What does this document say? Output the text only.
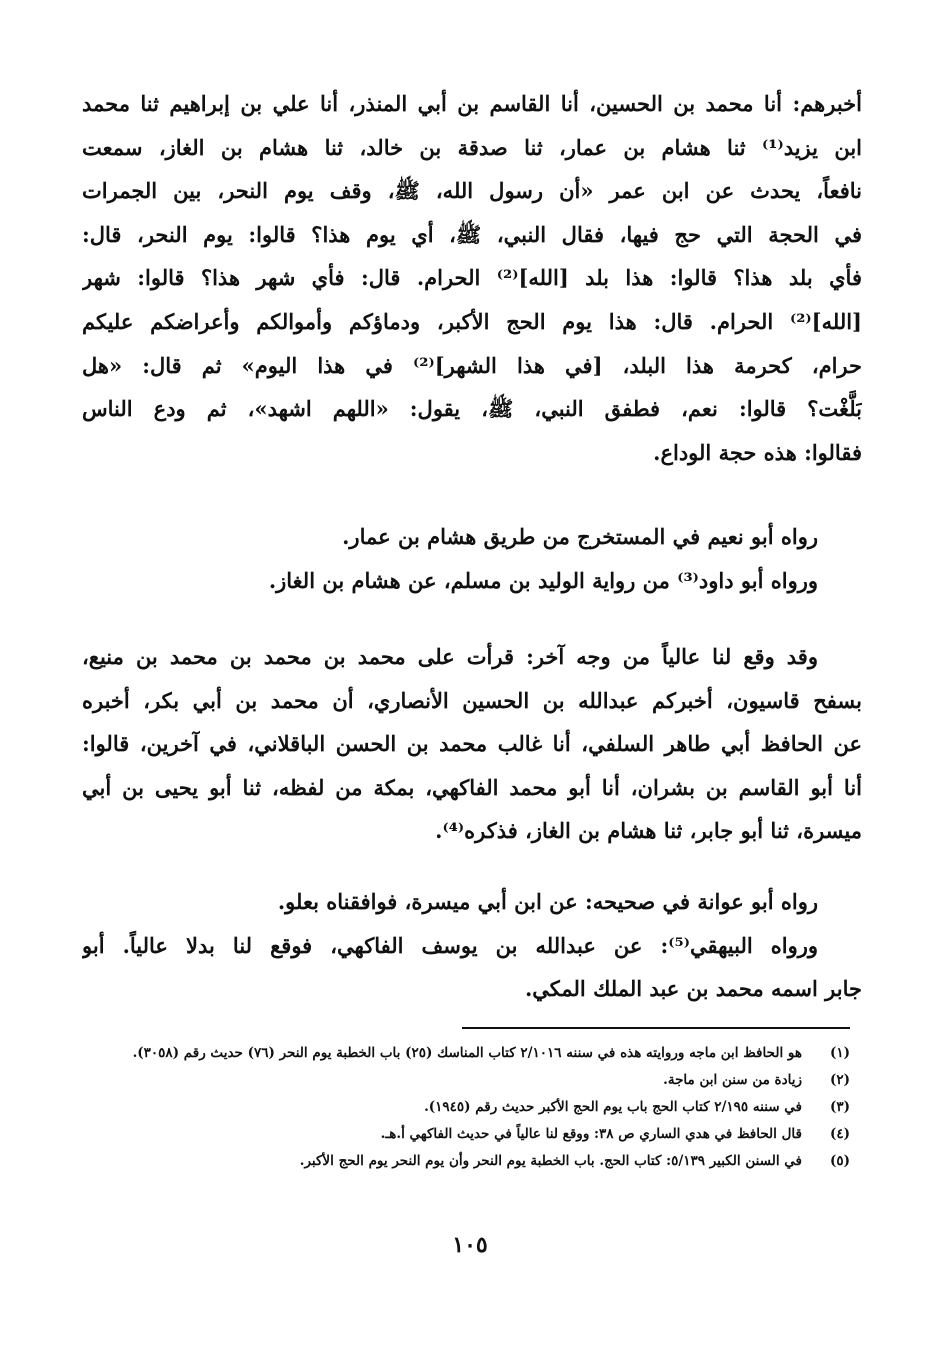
أخبرهم: أنا محمد بن الحسين، أنا القاسم بن أبي المنذر، أنا علي بن إبراهيم ثنا محمد
ابن يزيد⁽¹⁾ ثنا هشام بن عمار، ثنا صدقة بن خالد، ثنا هشام بن الغاز، سمعت
نافعاً، يحدث عن ابن عمر «أن رسول الله، ﷺ، وقف يوم النحر، بين الجمرات
في الحجة التي حج فيها، فقال النبي، ﷺ، أي يوم هذا؟ قالوا: يوم النحر، قال:
فأي بلد هذا؟ قالوا: هذا بلد [الله]⁽²⁾ الحرام. قال: فأي شهر هذا؟ قالوا: شهر
[الله]⁽²⁾ الحرام. قال: هذا يوم الحج الأكبر، ودماؤكم وأموالكم وأعراضكم عليكم
حرام، كحرمة هذا البلد، [في هذا الشهر]⁽²⁾ في هذا اليوم» ثم قال: «هل
بَلَّغْت؟ قالوا: نعم، فطفق النبي، ﷺ، يقول: «اللهم اشهد»، ثم ودع الناس
فقالوا: هذه حجة الوداع.
رواه أبو نعيم في المستخرج من طريق هشام بن عمار.
ورواه أبو داود⁽³⁾ من رواية الوليد بن مسلم، عن هشام بن الغاز.
وقد وقع لنا عالياً من وجه آخر: قرأت على محمد بن محمد بن محمد بن منيع،
بسفح قاسيون، أخبركم عبدالله بن الحسين الأنصاري، أن محمد بن أبي بكر، أخبره
عن الحافظ أبي طاهر السلفي، أنا غالب محمد بن الحسن الباقلاني، في آخرين، قالوا:
أنا أبو القاسم بن بشران، أنا أبو محمد الفاكهي، بمكة من لفظه، ثنا أبو يحيى بن أبي
ميسرة، ثنا أبو جابر، ثنا هشام بن الغاز، فذكره⁽⁴⁾.
رواه أبو عوانة في صحيحه: عن ابن أبي ميسرة، فوافقناه بعلو.
ورواه البيهقي⁽⁵⁾: عن عبدالله بن يوسف الفاكهي، فوقع لنا بدلا عالياً. أبو
جابر اسمه محمد بن عبد الملك المكي.
(١)
هو الحافظ ابن ماجه وروايته هذه في سننه ٢/١٠١٦ كتاب المناسك (٢٥) باب الخطبة يوم النحر (٧٦) حديث رقم (٣٠٥٨).
(٢)
زيادة من سنن ابن ماجة.
(٣)
في سننه ٢/١٩٥ كتاب الحج باب يوم الحج الأكبر حديث رقم (١٩٤٥).
(٤)
قال الحافظ في هدي الساري ص ٣٨: ووقع لنا عالياً في حديث الفاكهي أ.هـ.
(٥)
في السنن الكبير ٥/١٣٩: كتاب الحج. باب الخطبة يوم النحر وأن يوم النحر يوم الحج الأكبر.
١٠٥
